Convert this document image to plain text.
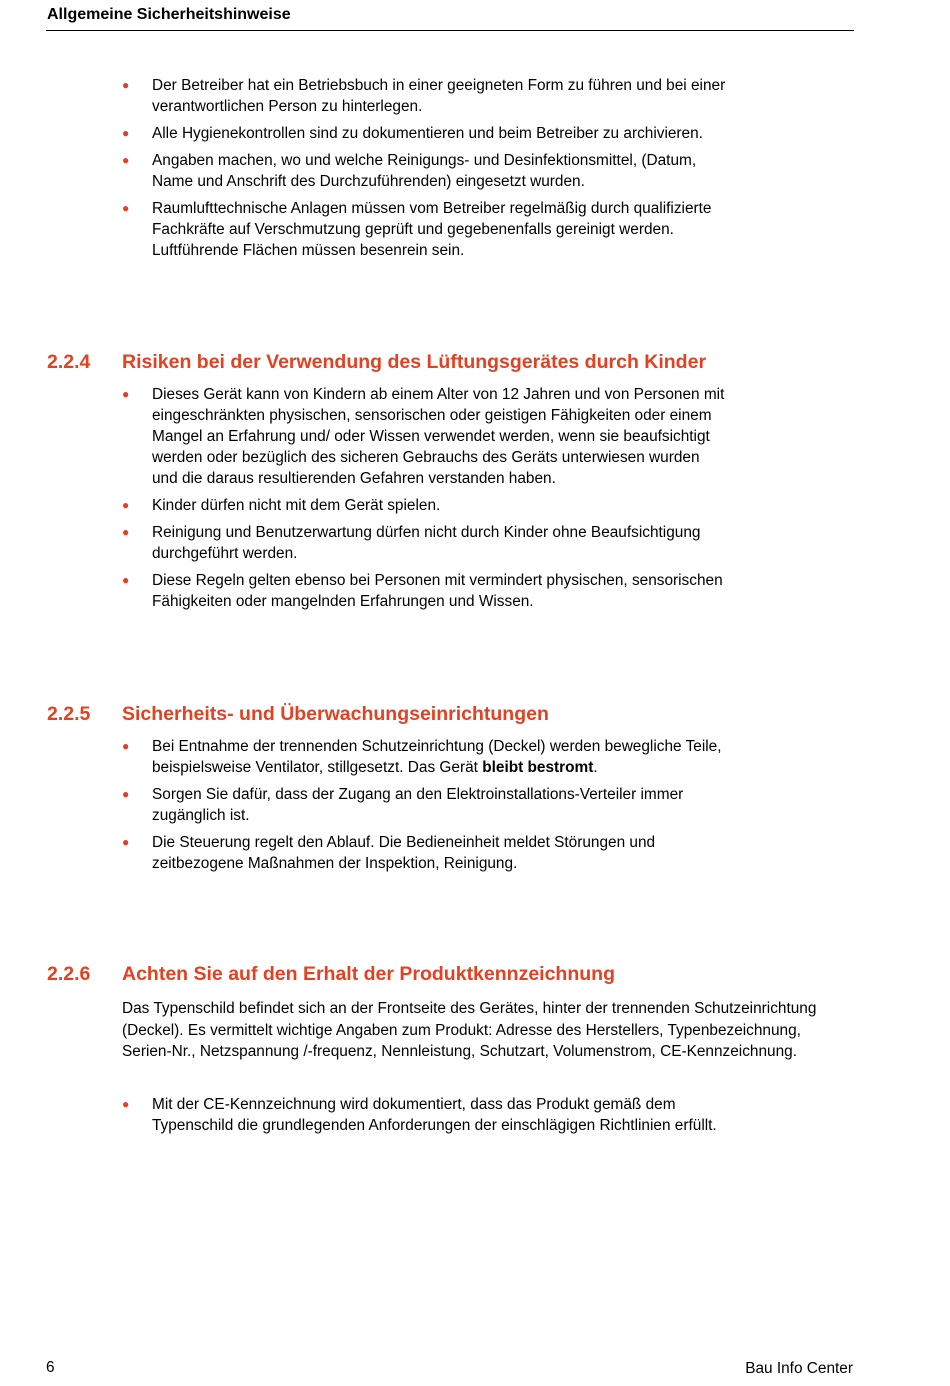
Allgemeine Sicherheitshinweise
● Der Betreiber hat ein Betriebsbuch in einer geeigneten Form zu führen und bei einer
verantwortlichen Person zu hinterlegen.
● Alle Hygienekontrollen sind zu dokumentieren und beim Betreiber zu archivieren.
● Angaben machen, wo und welche Reinigungs- und Desinfektionsmittel, (Datum,
Name und Anschrift des Durchzuführenden) eingesetzt wurden.
● Raumlufttechnische Anlagen müssen vom Betreiber regelmäßig durch qualifizierte
Fachkräfte auf Verschmutzung geprüft und gegebenenfalls gereinigt werden.
Luftführende Flächen müssen besenrein sein.
2.2.4 Risiken bei der Verwendung des Lüftungsgerätes durch Kinder
● Dieses Gerät kann von Kindern ab einem Alter von 12 Jahren und von Personen mit
eingeschränkten physischen, sensorischen oder geistigen Fähigkeiten oder einem
Mangel an Erfahrung und/ oder Wissen verwendet werden, wenn sie beaufsichtigt
werden oder bezüglich des sicheren Gebrauchs des Geräts unterwiesen wurden
und die daraus resultierenden Gefahren verstanden haben.
● Kinder dürfen nicht mit dem Gerät spielen.
● Reinigung und Benutzerwartung dürfen nicht durch Kinder ohne Beaufsichtigung
durchgeführt werden.
● Diese Regeln gelten ebenso bei Personen mit vermindert physischen, sensorischen
Fähigkeiten oder mangelnden Erfahrungen und Wissen.
2.2.5 Sicherheits- und Überwachungseinrichtungen
● Bei Entnahme der trennenden Schutzeinrichtung (Deckel) werden bewegliche Teile,
beispielsweise Ventilator, stillgesetzt. Das Gerät bleibt bestromt.
● Sorgen Sie dafür, dass der Zugang an den Elektroinstallations-Verteiler immer
zugänglich ist.
● Die Steuerung regelt den Ablauf. Die Bedieneinheit meldet Störungen und
zeitbezogene Maßnahmen der Inspektion, Reinigung.
2.2.6 Achten Sie auf den Erhalt der Produktkennzeichnung

Das Typenschild befindet sich an der Frontseite des Gerätes, hinter der trennenden Schutzeinrichtung
(Deckel). Es vermittelt wichtige Angaben zum Produkt: Adresse des Herstellers, Typenbezeichnung,
Serien-Nr., Netzspannung /-frequenz, Nennleistung, Schutzart, Volumenstrom, CE-Kennzeichnung.

● Mit der CE-Kennzeichnung wird dokumentiert, dass das Produkt gemäß dem
Typenschild die grundlegenden Anforderungen der einschlägigen Richtlinien erfüllt.
6	Bau Info Center
